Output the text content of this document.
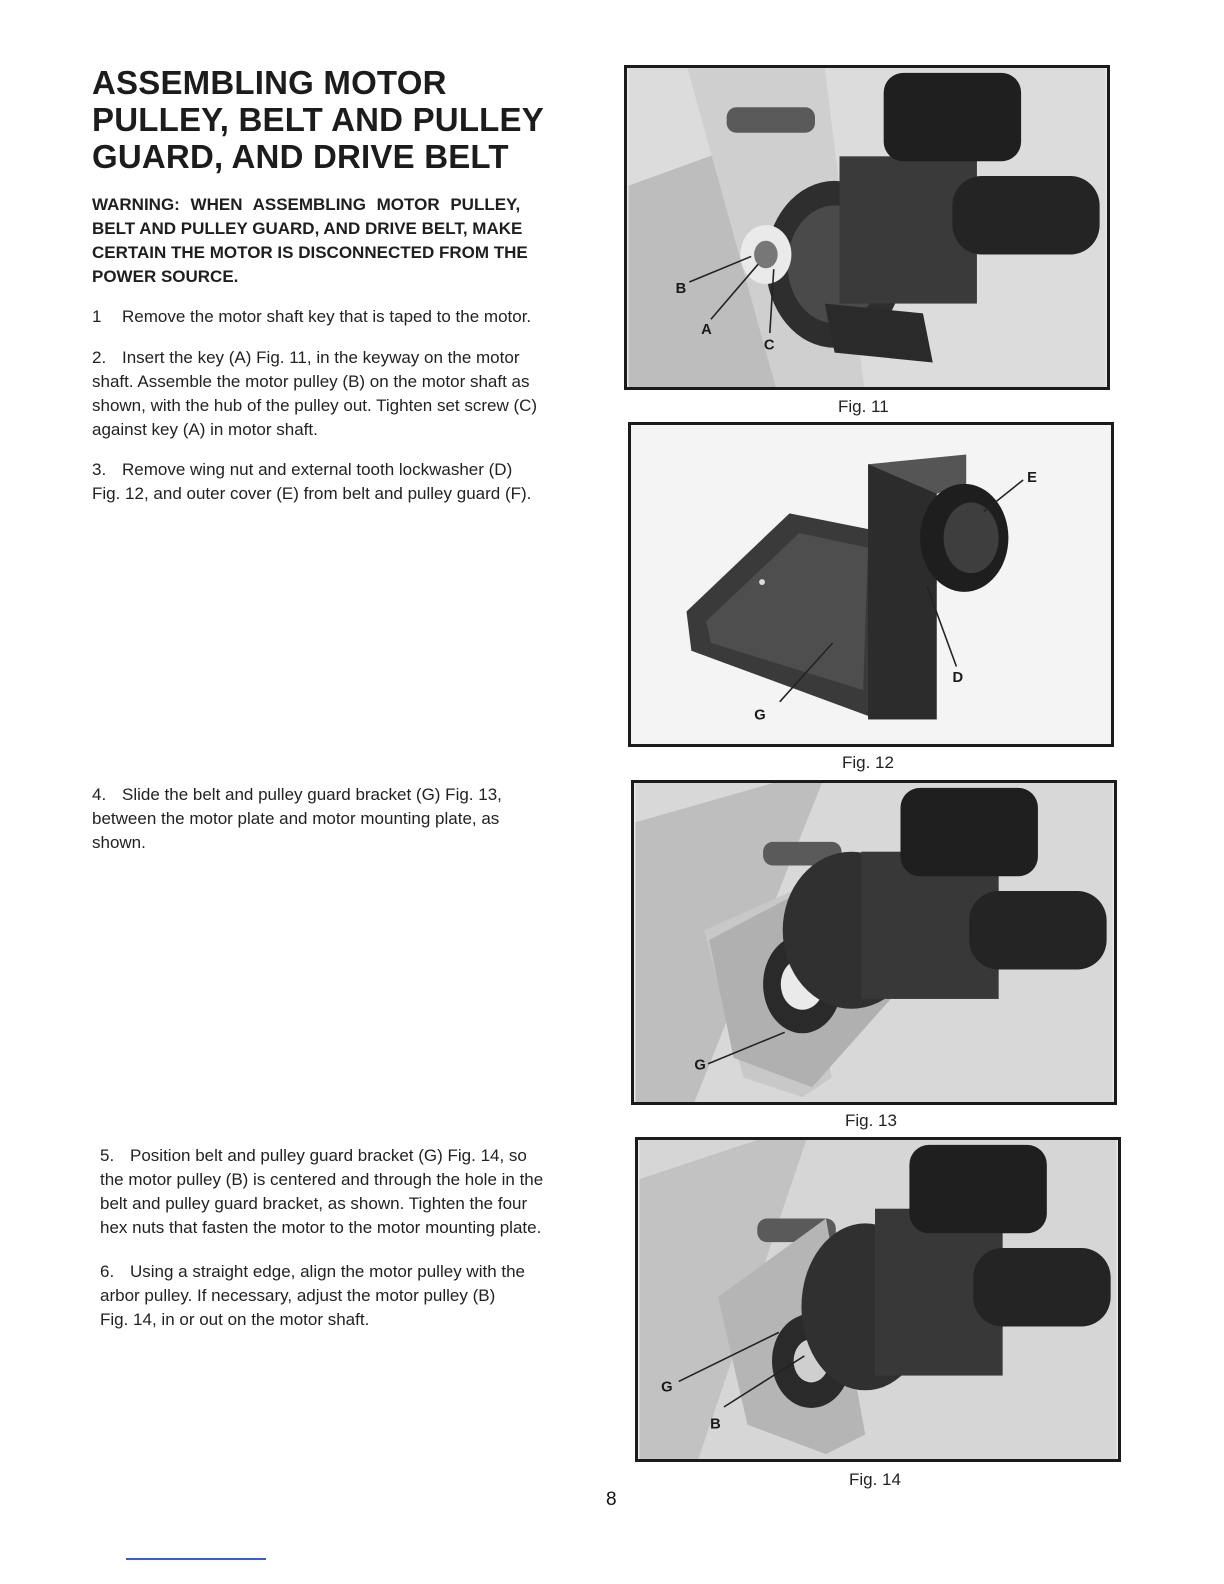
ASSEMBLING MOTOR
PULLEY, BELT AND PULLEY
GUARD, AND DRIVE BELT
WARNING: WHEN ASSEMBLING MOTOR PULLEY,
BELT AND PULLEY GUARD, AND DRIVE BELT, MAKE
CERTAIN THE MOTOR IS DISCONNECTED FROM THE
POWER SOURCE.
1 Remove the motor shaft key that is taped to the motor.
2. Insert the key (A) Fig. 11, in the keyway on the motor
shaft. Assemble the motor pulley (B) on the motor shaft as
shown, with the hub of the pulley out. Tighten set screw (C)
against key (A) in motor shaft.
3. Remove wing nut and external tooth lockwasher (D)
Fig. 12, and outer cover (E) from belt and pulley guard (F).
4. Slide the belt and pulley guard bracket (G) Fig. 13,
between the motor plate and motor mounting plate, as
shown.
5. Position belt and pulley guard bracket (G) Fig. 14, so
the motor pulley (B) is centered and through the hole in the
belt and pulley guard bracket, as shown. Tighten the four
hex nuts that fasten the motor to the motor mounting plate.
6. Using a straight edge, align the motor pulley with the
arbor pulley. If necessary, adjust the motor pulley (B)
Fig. 14, in or out on the motor shaft.
B
A
C
Fig. 11
E
D
G
Fig. 12
G
Fig. 13
G
B
Fig. 14
8
